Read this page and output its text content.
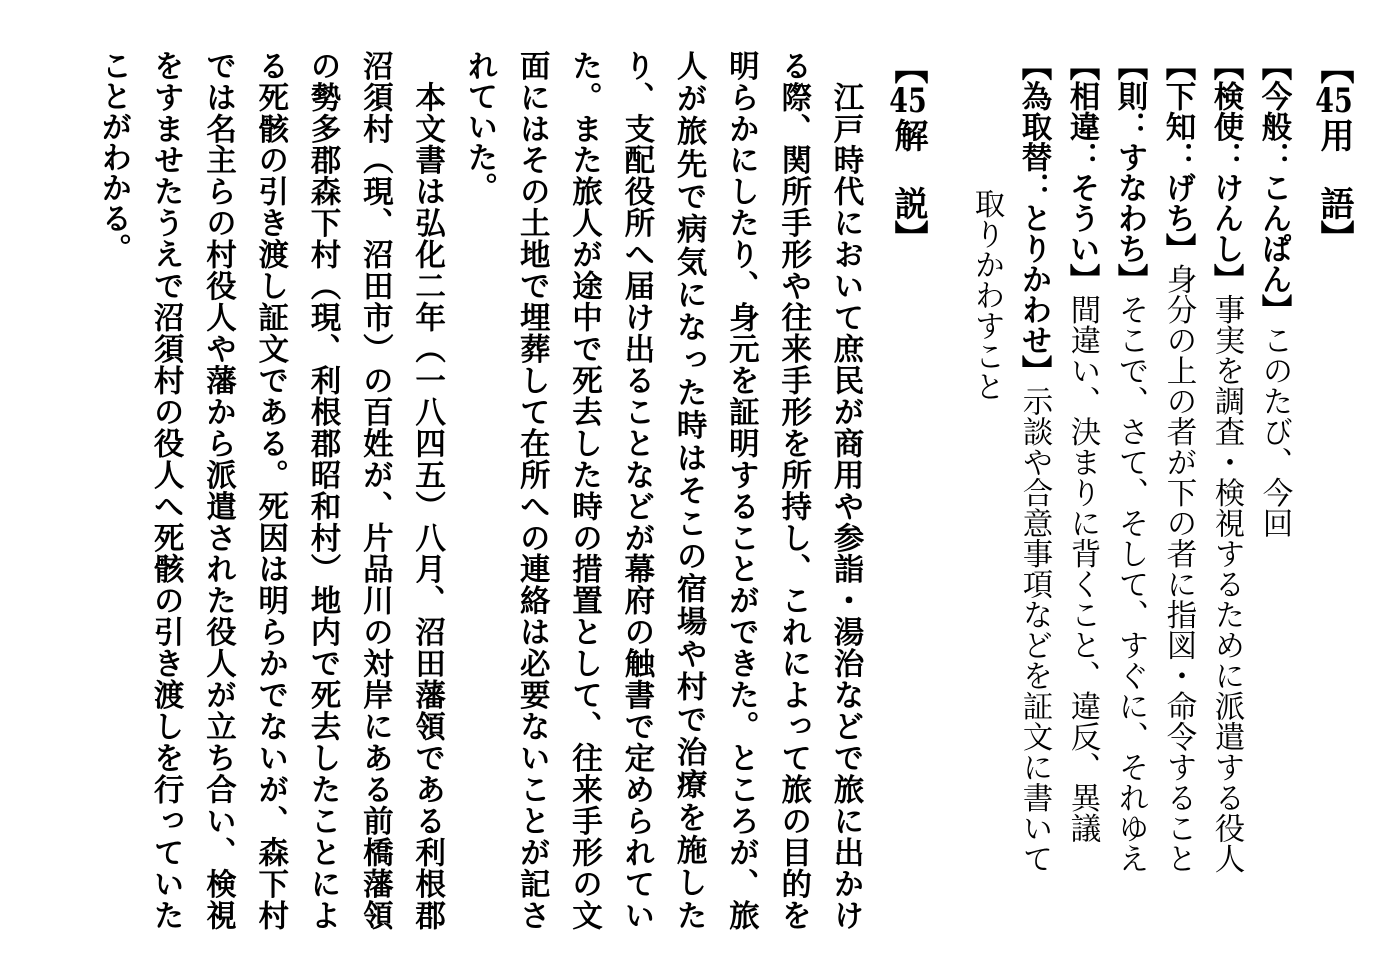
【45用　語】
【今般：こんぱん】このたび、今回
【検使：けんし】事実を調査・検視するために派遣する役人
【下知：げち】身分の上の者が下の者に指図・命令すること
【則：すなわち】そこで、さて、そして、すぐに、それゆえ
【相違：そうい】間違い、決まりに背くこと、違反、異議
【為取替：とりかわせ】示談や合意事項などを証文に書いて
取りかわすこと
【45解　説】

　江戸時代において庶民が商用や参詣・湯治などで旅に出かける際、関所手形や往来手形を所持し、これによって旅の目的を明らかにしたり、身元を証明することができた。ところが、旅人が旅先で病気になった時はそこの宿場や村で治療を施したり、支配役所へ届け出ることなどが幕府の触書で定められていた。また旅人が途中で死去した時の措置として、往来手形の文面にはその土地で埋葬して在所への連絡は必要ないことが記されていた。

　本文書は弘化二年（一八四五）八月、沼田藩領である利根郡沼須村（現、沼田市）の百姓が、片品川の対岸にある前橋藩領の勢多郡森下村（現、利根郡昭和村）地内で死去したことによる死骸の引き渡し証文である。死因は明らかでないが、森下村では名主らの村役人や藩から派遣された役人が立ち合い、検視をすませたうえで沼須村の役人へ死骸の引き渡しを行っていたことがわかる。
